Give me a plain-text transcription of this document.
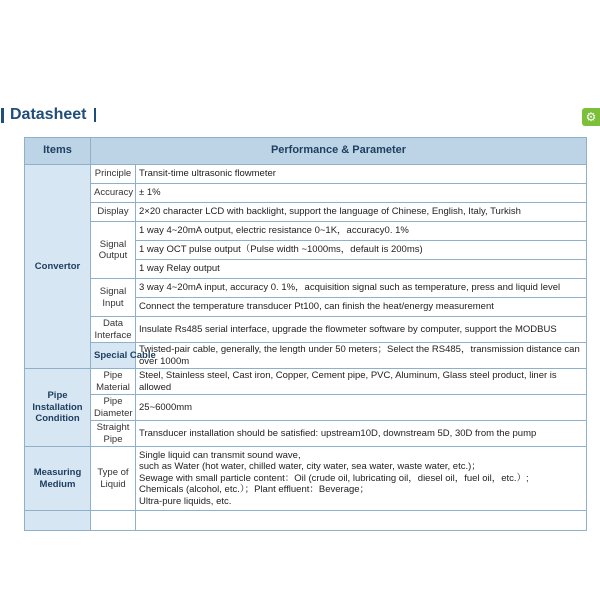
Datasheet	⚙
Items	Performance & Parameter	
Convertor	Principle	Transit-time ultrasonic flowmeter
	Accuracy	± 1%
	Display	2×20 character LCD with backlight, support the language of Chinese, English, Italy, Turkish
	Signal Output	1 way 4~20mA output, electric resistance 0~1K，accuracy0. 1%
		1 way OCT pulse output（Pulse width ~1000ms，default is 200ms)
		1 way Relay output
	Signal Input	3 way 4~20mA input, accuracy 0. 1%，acquisition signal such as temperature, press and liquid level
		Connect the temperature transducer Pt100, can finish the heat/energy measurement
	Data Interface	Insulate Rs485 serial interface, upgrade the flowmeter software by computer, support the MODBUS
	Special Cable	Twisted-pair cable, generally, the length under 50 meters；Select the RS485，transmission distance can over 1000m
Pipe Installation Condition	Pipe Material	Steel, Stainless steel, Cast iron, Copper, Cement pipe, PVC, Aluminum, Glass steel product, liner is allowed
	Pipe Diameter	25~6000mm
	Straight Pipe	Transducer installation should be satisfied: upstream10D, downstream 5D, 30D from the pump
Measuring Medium	Type of Liquid	Single liquid can transmit sound wave,
such as Water (hot water, chilled water, city water, sea water, waste water, etc.)；
Sewage with small particle content：Oil (crude oil, lubricating oil，diesel oil，fuel oil，etc.）;
Chemicals (alcohol, etc.）；Plant effluent：Beverage；
Ultra-pure liquids, etc.
